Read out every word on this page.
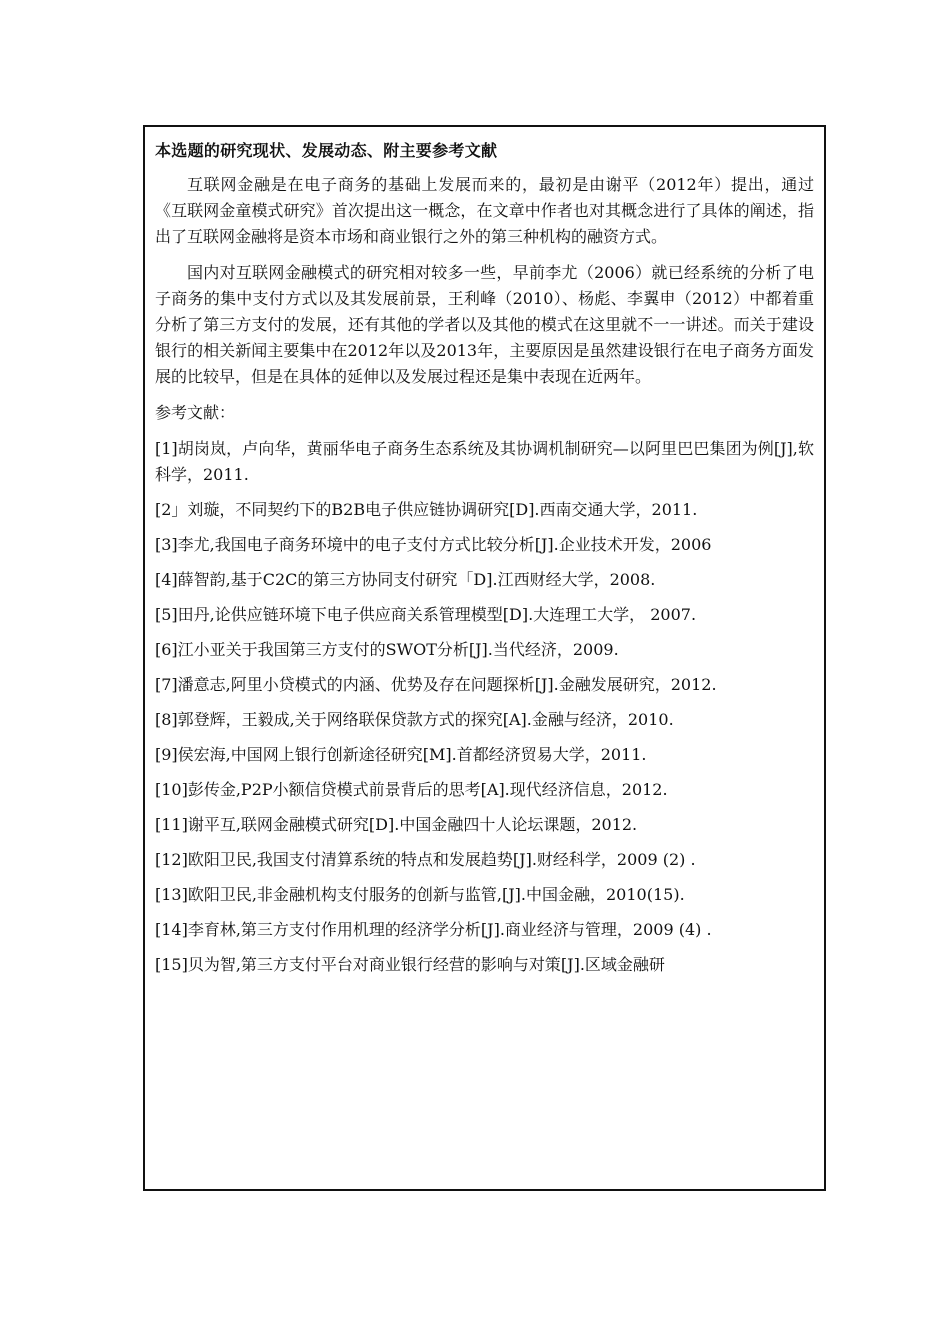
本选题的研究现状、发展动态、附主要参考文献

互联网金融是在电子商务的基础上发展而来的，最初是由谢平（2012年）提出，通过《互联网金童模式研究》首次提出这一概念，在文章中作者也对其概念进行了具体的阐述，指出了互联网金融将是资本市场和商业银行之外的第三种机构的融资方式。

国内对互联网金融模式的研究相对较多一些，早前李尤（2006）就已经系统的分析了电子商务的集中支付方式以及其发展前景，王利峰（2010）、杨彪、李翼申（2012）中都着重分析了第三方支付的发展，还有其他的学者以及其他的模式在这里就不一一讲述。而关于建设银行的相关新闻主要集中在2012年以及2013年，主要原因是虽然建设银行在电子商务方面发展的比较早，但是在具体的延伸以及发展过程还是集中表现在近两年。

参考文献：

[1]胡岗岚，卢向华，黄丽华电子商务生态系统及其协调机制研究—以阿里巴巴集团为例[J],软科学，2011.

[2」刘璇，不同契约下的B2B电子供应链协调研究[D].西南交通大学，2011.

[3]李尤,我国电子商务环境中的电子支付方式比较分析[J].企业技术开发，2006

[4]薛智韵,基于C2C的第三方协同支付研究「D].江西财经大学，2008.

[5]田丹,论供应链环境下电子供应商关系管理模型[D].大连理工大学， 2007.

[6]江小亚关于我国第三方支付的SWOT分析[J].当代经济，2009.

[7]潘意志,阿里小贷模式的内涵、优势及存在问题探析[J].金融发展研究，2012.

[8]郭登辉，王毅成,关于网络联保贷款方式的探究[A].金融与经济，2010.

[9]侯宏海,中国网上银行创新途径研究[M].首都经济贸易大学，2011.

[10]彭传金,P2P小额信贷模式前景背后的思考[A].现代经济信息，2012.

[11]谢平互,联网金融模式研究[D].中国金融四十人论坛课题，2012.

[12]欧阳卫民,我国支付清算系统的特点和发展趋势[J].财经科学，2009 (2) .

[13]欧阳卫民,非金融机构支付服务的创新与监管,[J].中国金融，2010(15).

[14]李育林,第三方支付作用机理的经济学分析[J].商业经济与管理，2009 (4) .

[15]贝为智,第三方支付平台对商业银行经营的影响与对策[J].区域金融研
